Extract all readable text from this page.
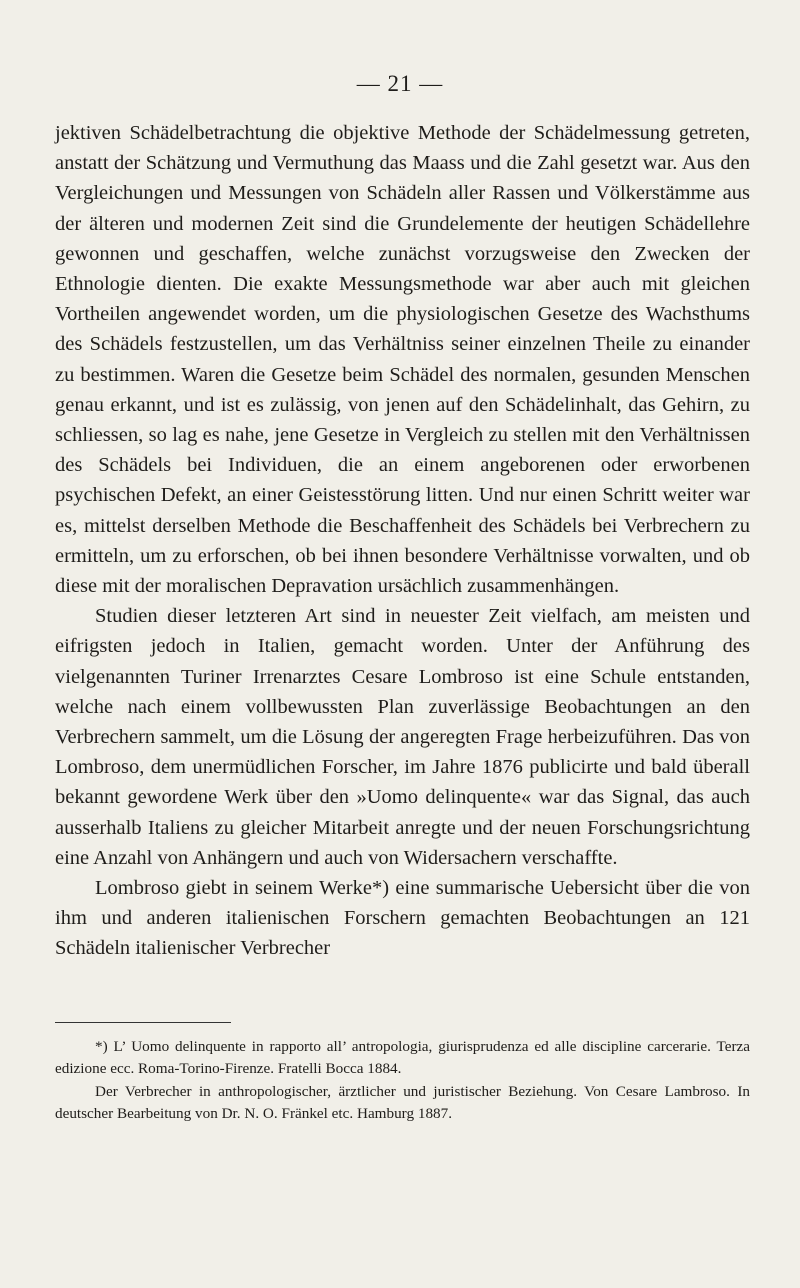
— 21 —

jektiven Schädelbetrachtung die objektive Methode der Schädelmessung getreten, anstatt der Schätzung und Vermuthung das Maass und die Zahl gesetzt war. Aus den Vergleichungen und Messungen von Schädeln aller Rassen und Völkerstämme aus der älteren und modernen Zeit sind die Grundelemente der heutigen Schädellehre gewonnen und geschaffen, welche zunächst vorzugsweise den Zwecken der Ethnologie dienten. Die exakte Messungsmethode war aber auch mit gleichen Vortheilen angewendet worden, um die physiologischen Gesetze des Wachsthums des Schädels festzustellen, um das Verhältniss seiner einzelnen Theile zu einander zu bestimmen. Waren die Gesetze beim Schädel des normalen, gesunden Menschen genau erkannt, und ist es zulässig, von jenen auf den Schädelinhalt, das Gehirn, zu schliessen, so lag es nahe, jene Gesetze in Vergleich zu stellen mit den Verhältnissen des Schädels bei Individuen, die an einem angeborenen oder erworbenen psychischen Defekt, an einer Geistesstörung litten. Und nur einen Schritt weiter war es, mittelst derselben Methode die Beschaffenheit des Schädels bei Verbrechern zu ermitteln, um zu erforschen, ob bei ihnen besondere Verhältnisse vorwalten, und ob diese mit der moralischen Depravation ursächlich zusammenhängen.

Studien dieser letzteren Art sind in neuester Zeit vielfach, am meisten und eifrigsten jedoch in Italien, gemacht worden. Unter der Anführung des vielgenannten Turiner Irrenarztes Cesare Lombroso ist eine Schule entstanden, welche nach einem vollbewussten Plan zuverlässige Beobachtungen an den Verbrechern sammelt, um die Lösung der angeregten Frage herbeizuführen. Das von Lombroso, dem unermüdlichen Forscher, im Jahre 1876 publicirte und bald überall bekannt gewordene Werk über den »Uomo delinquente« war das Signal, das auch ausserhalb Italiens zu gleicher Mitarbeit anregte und der neuen Forschungsrichtung eine Anzahl von Anhängern und auch von Widersachern verschaffte.

Lombroso giebt in seinem Werke*) eine summarische Uebersicht über die von ihm und anderen italienischen Forschern gemachten Beobachtungen an 121 Schädeln italienischer Verbrecher

*) L’ Uomo delinquente in rapporto all’ antropologia, giurisprudenza ed alle discipline carcerarie. Terza edizione ecc. Roma-Torino-Firenze. Fratelli Bocca 1884.

Der Verbrecher in anthropologischer, ärztlicher und juristischer Beziehung. Von Cesare Lambroso. In deutscher Bearbeitung von Dr. N. O. Fränkel etc. Hamburg 1887.
